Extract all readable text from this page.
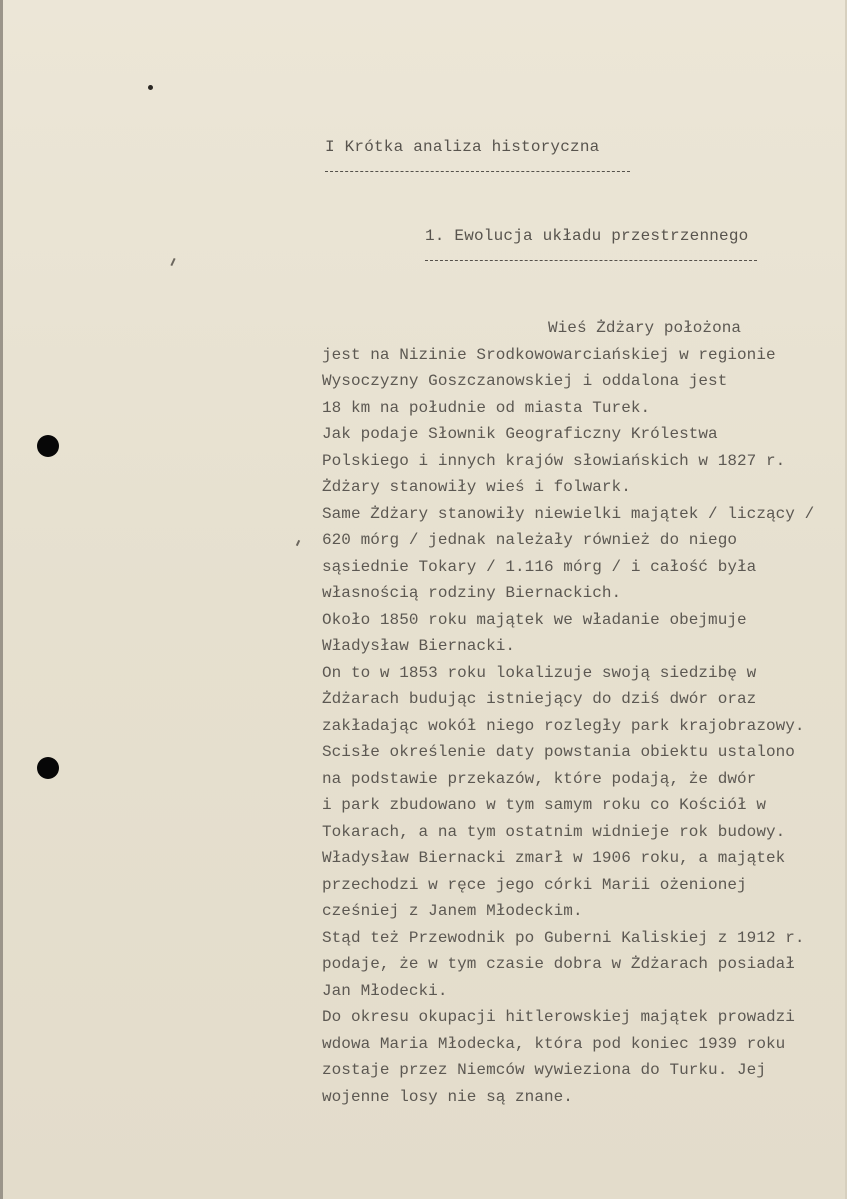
I Krótka analiza historyczna
1. Ewolucja układu przestrzennego
Wieś Żdżary położona
jest na Nizinie Srodkowowarciańskiej w regionie
Wysoczyzny Goszczanowskiej i oddalona jest
18 km na południe od miasta Turek.
Jak podaje Słownik Geograficzny Królestwa
Polskiego i innych krajów słowiańskich w 1827 r.
Żdżary stanowiły wieś i folwark.
Same Żdżary stanowiły niewielki majątek / liczący /
620 mórg / jednak należały również do niego
sąsiednie Tokary / 1.116 mórg / i całość była
własnością rodziny Biernackich.
Około 1850 roku majątek we władanie obejmuje
Władysław Biernacki.
On to w 1853 roku lokalizuje swoją siedzibę w
Żdżarach budując istniejący do dziś dwór oraz
zakładając wokół niego rozległy park krajobrazowy.
Scisłe określenie daty powstania obiektu ustalono
na podstawie przekazów, które podają, że dwór
i park zbudowano w tym samym roku co Kościół w
Tokarach, a na tym ostatnim widnieje rok budowy.
Władysław Biernacki zmarł w 1906 roku, a majątek
przechodzi w ręce jego córki Marii ożenionej
cześniej z Janem Młodeckim.
Stąd też Przewodnik po Guberni Kaliskiej z 1912 r.
podaje, że w tym czasie dobra w Żdżarach posiadał
Jan Młodecki.
Do okresu okupacji hitlerowskiej majątek prowadzi
wdowa Maria Młodecka, która pod koniec 1939 roku
zostaje przez Niemców wywieziona do Turku. Jej
wojenne losy nie są znane.
